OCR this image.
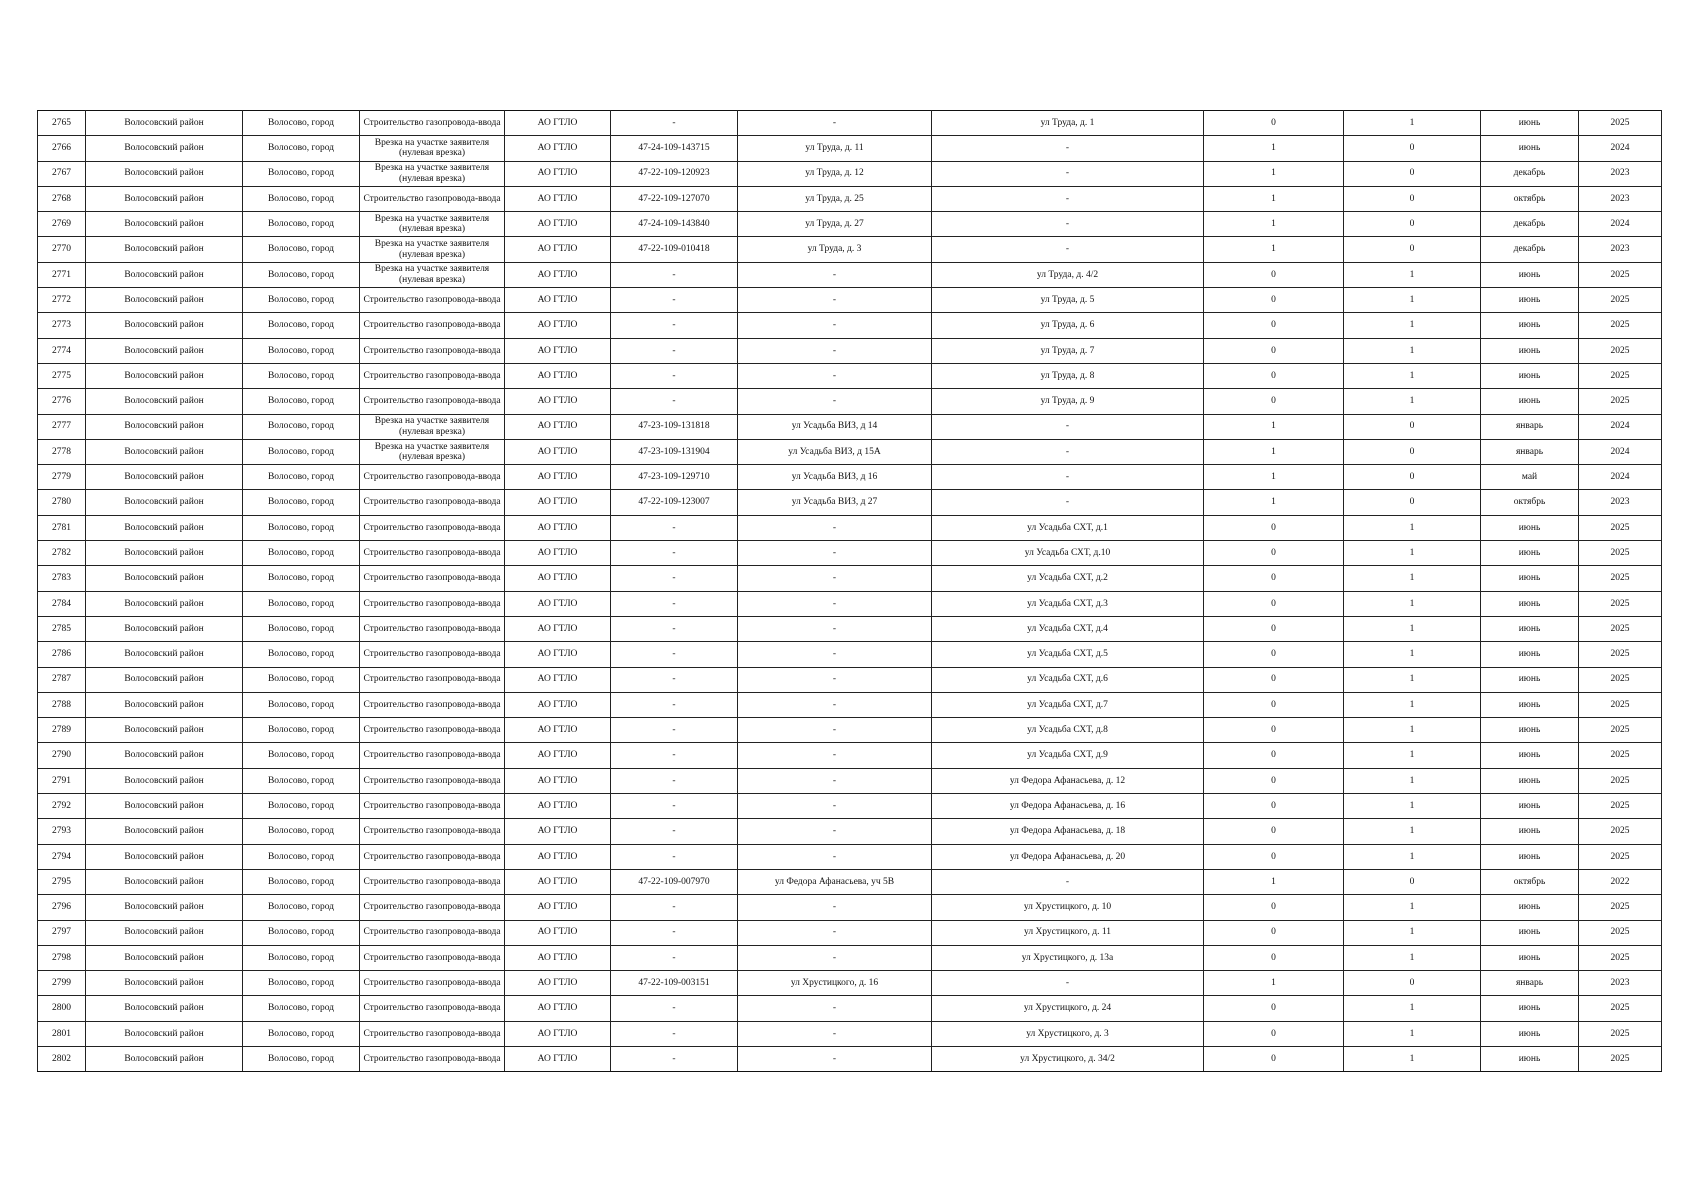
2765	Волосовский район	Волосово, город	Строительство газопровода-ввода	АО ГТЛО	-	-	ул Труда, д. 1	0	1	июнь	2025
2766	Волосовский район	Волосово, город	Врезка на участке заявителя (нулевая врезка)	АО ГТЛО	47-24-109-143715	ул Труда, д. 11	-	1	0	июнь	2024
2767	Волосовский район	Волосово, город	Врезка на участке заявителя (нулевая врезка)	АО ГТЛО	47-22-109-120923	ул Труда, д. 12	-	1	0	декабрь	2023
2768	Волосовский район	Волосово, город	Строительство газопровода-ввода	АО ГТЛО	47-22-109-127070	ул Труда, д. 25	-	1	0	октябрь	2023
2769	Волосовский район	Волосово, город	Врезка на участке заявителя (нулевая врезка)	АО ГТЛО	47-24-109-143840	ул Труда, д. 27	-	1	0	декабрь	2024
2770	Волосовский район	Волосово, город	Врезка на участке заявителя (нулевая врезка)	АО ГТЛО	47-22-109-010418	ул Труда, д. 3	-	1	0	декабрь	2023
2771	Волосовский район	Волосово, город	Врезка на участке заявителя (нулевая врезка)	АО ГТЛО	-	-	ул Труда, д. 4/2	0	1	июнь	2025
2772	Волосовский район	Волосово, город	Строительство газопровода-ввода	АО ГТЛО	-	-	ул Труда, д. 5	0	1	июнь	2025
2773	Волосовский район	Волосово, город	Строительство газопровода-ввода	АО ГТЛО	-	-	ул Труда, д. 6	0	1	июнь	2025
2774	Волосовский район	Волосово, город	Строительство газопровода-ввода	АО ГТЛО	-	-	ул Труда, д. 7	0	1	июнь	2025
2775	Волосовский район	Волосово, город	Строительство газопровода-ввода	АО ГТЛО	-	-	ул Труда, д. 8	0	1	июнь	2025
2776	Волосовский район	Волосово, город	Строительство газопровода-ввода	АО ГТЛО	-	-	ул Труда, д. 9	0	1	июнь	2025
2777	Волосовский район	Волосово, город	Врезка на участке заявителя (нулевая врезка)	АО ГТЛО	47-23-109-131818	ул Усадьба ВИЗ, д 14	-	1	0	январь	2024
2778	Волосовский район	Волосово, город	Врезка на участке заявителя (нулевая врезка)	АО ГТЛО	47-23-109-131904	ул Усадьба ВИЗ, д 15А	-	1	0	январь	2024
2779	Волосовский район	Волосово, город	Строительство газопровода-ввода	АО ГТЛО	47-23-109-129710	ул Усадьба ВИЗ, д 16	-	1	0	май	2024
2780	Волосовский район	Волосово, город	Строительство газопровода-ввода	АО ГТЛО	47-22-109-123007	ул Усадьба ВИЗ, д 27	-	1	0	октябрь	2023
2781	Волосовский район	Волосово, город	Строительство газопровода-ввода	АО ГТЛО	-	-	ул Усадьба СХТ, д.1	0	1	июнь	2025
2782	Волосовский район	Волосово, город	Строительство газопровода-ввода	АО ГТЛО	-	-	ул Усадьба СХТ, д.10	0	1	июнь	2025
2783	Волосовский район	Волосово, город	Строительство газопровода-ввода	АО ГТЛО	-	-	ул Усадьба СХТ, д.2	0	1	июнь	2025
2784	Волосовский район	Волосово, город	Строительство газопровода-ввода	АО ГТЛО	-	-	ул Усадьба СХТ, д.3	0	1	июнь	2025
2785	Волосовский район	Волосово, город	Строительство газопровода-ввода	АО ГТЛО	-	-	ул Усадьба СХТ, д.4	0	1	июнь	2025
2786	Волосовский район	Волосово, город	Строительство газопровода-ввода	АО ГТЛО	-	-	ул Усадьба СХТ, д.5	0	1	июнь	2025
2787	Волосовский район	Волосово, город	Строительство газопровода-ввода	АО ГТЛО	-	-	ул Усадьба СХТ, д.6	0	1	июнь	2025
2788	Волосовский район	Волосово, город	Строительство газопровода-ввода	АО ГТЛО	-	-	ул Усадьба СХТ, д.7	0	1	июнь	2025
2789	Волосовский район	Волосово, город	Строительство газопровода-ввода	АО ГТЛО	-	-	ул Усадьба СХТ, д.8	0	1	июнь	2025
2790	Волосовский район	Волосово, город	Строительство газопровода-ввода	АО ГТЛО	-	-	ул Усадьба СХТ, д.9	0	1	июнь	2025
2791	Волосовский район	Волосово, город	Строительство газопровода-ввода	АО ГТЛО	-	-	ул Федора Афанасьева, д. 12	0	1	июнь	2025
2792	Волосовский район	Волосово, город	Строительство газопровода-ввода	АО ГТЛО	-	-	ул Федора Афанасьева, д. 16	0	1	июнь	2025
2793	Волосовский район	Волосово, город	Строительство газопровода-ввода	АО ГТЛО	-	-	ул Федора Афанасьева, д. 18	0	1	июнь	2025
2794	Волосовский район	Волосово, город	Строительство газопровода-ввода	АО ГТЛО	-	-	ул Федора Афанасьева, д. 20	0	1	июнь	2025
2795	Волосовский район	Волосово, город	Строительство газопровода-ввода	АО ГТЛО	47-22-109-007970	ул Федора Афанасьева, уч 5В	-	1	0	октябрь	2022
2796	Волосовский район	Волосово, город	Строительство газопровода-ввода	АО ГТЛО	-	-	ул Хрустицкого, д. 10	0	1	июнь	2025
2797	Волосовский район	Волосово, город	Строительство газопровода-ввода	АО ГТЛО	-	-	ул Хрустицкого, д. 11	0	1	июнь	2025
2798	Волосовский район	Волосово, город	Строительство газопровода-ввода	АО ГТЛО	-	-	ул Хрустицкого, д. 13а	0	1	июнь	2025
2799	Волосовский район	Волосово, город	Строительство газопровода-ввода	АО ГТЛО	47-22-109-003151	ул Хрустицкого, д. 16	-	1	0	январь	2023
2800	Волосовский район	Волосово, город	Строительство газопровода-ввода	АО ГТЛО	-	-	ул Хрустицкого, д. 24	0	1	июнь	2025
2801	Волосовский район	Волосово, город	Строительство газопровода-ввода	АО ГТЛО	-	-	ул Хрустицкого, д. 3	0	1	июнь	2025
2802	Волосовский район	Волосово, город	Строительство газопровода-ввода	АО ГТЛО	-	-	ул Хрустицкого, д. 34/2	0	1	июнь	2025
